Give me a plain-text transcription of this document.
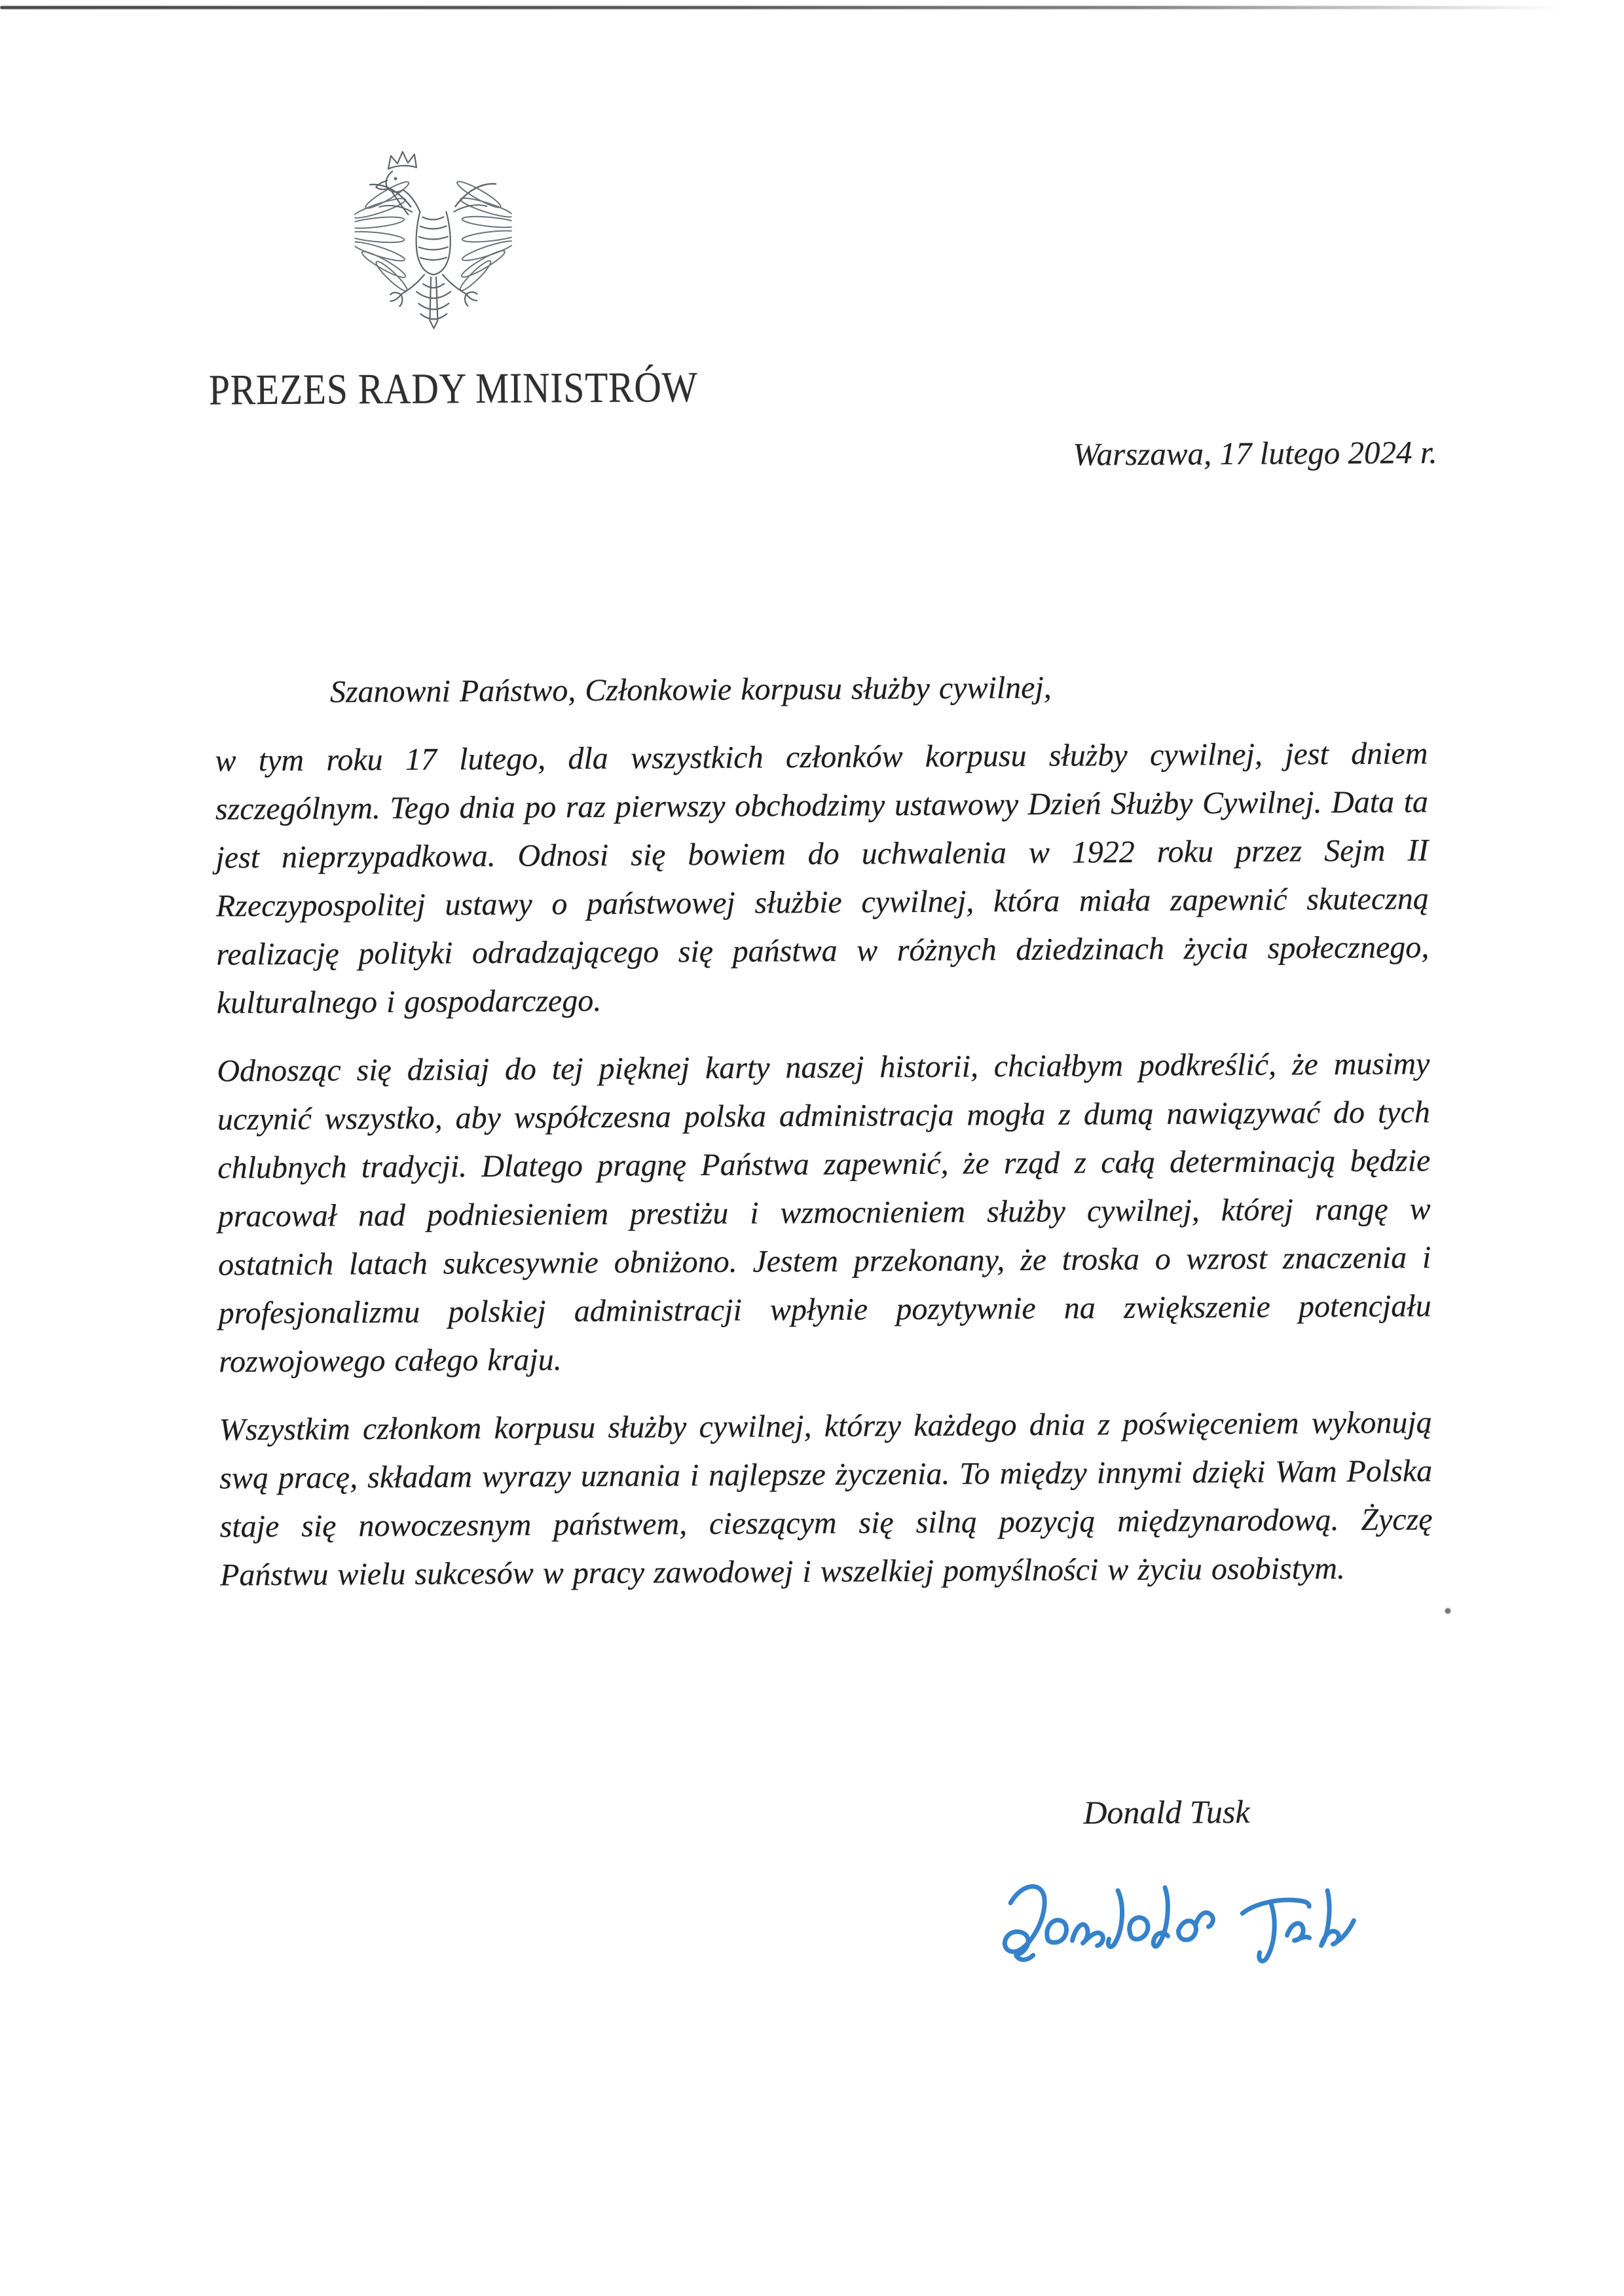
PREZES RADY MINISTRÓW
Warszawa, 17 lutego 2024 r.

Szanowni Państwo, Członkowie korpusu służby cywilnej,

w tym roku 17 lutego, dla wszystkich członków korpusu służby cywilnej, jest dniem szczególnym. Tego dnia po raz pierwszy obchodzimy ustawowy Dzień Służby Cywilnej. Data ta jest nieprzypadkowa. Odnosi się bowiem do uchwalenia w 1922 roku przez Sejm II Rzeczypospolitej ustawy o państwowej służbie cywilnej, która miała zapewnić skuteczną realizację polityki odradzającego się państwa w różnych dziedzinach życia społecznego, kulturalnego i gospodarczego.

Odnosząc się dzisiaj do tej pięknej karty naszej historii, chciałbym podkreślić, że musimy uczynić wszystko, aby współczesna polska administracja mogła z dumą nawiązywać do tych chlubnych tradycji. Dlatego pragnę Państwa zapewnić, że rząd z całą determinacją będzie pracował nad podniesieniem prestiżu i wzmocnieniem służby cywilnej, której rangę w ostatnich latach sukcesywnie obniżono. Jestem przekonany, że troska o wzrost znaczenia i profesjonalizmu polskiej administracji wpłynie pozytywnie na zwiększenie potencjału rozwojowego całego kraju.

Wszystkim członkom korpusu służby cywilnej, którzy każdego dnia z poświęceniem wykonują swą pracę, składam wyrazy uznania i najlepsze życzenia. To między innymi dzięki Wam Polska staje się nowoczesnym państwem, cieszącym się silną pozycją międzynarodową. Życzę Państwu wielu sukcesów w pracy zawodowej i wszelkiej pomyślności w życiu osobistym.

Donald Tusk
